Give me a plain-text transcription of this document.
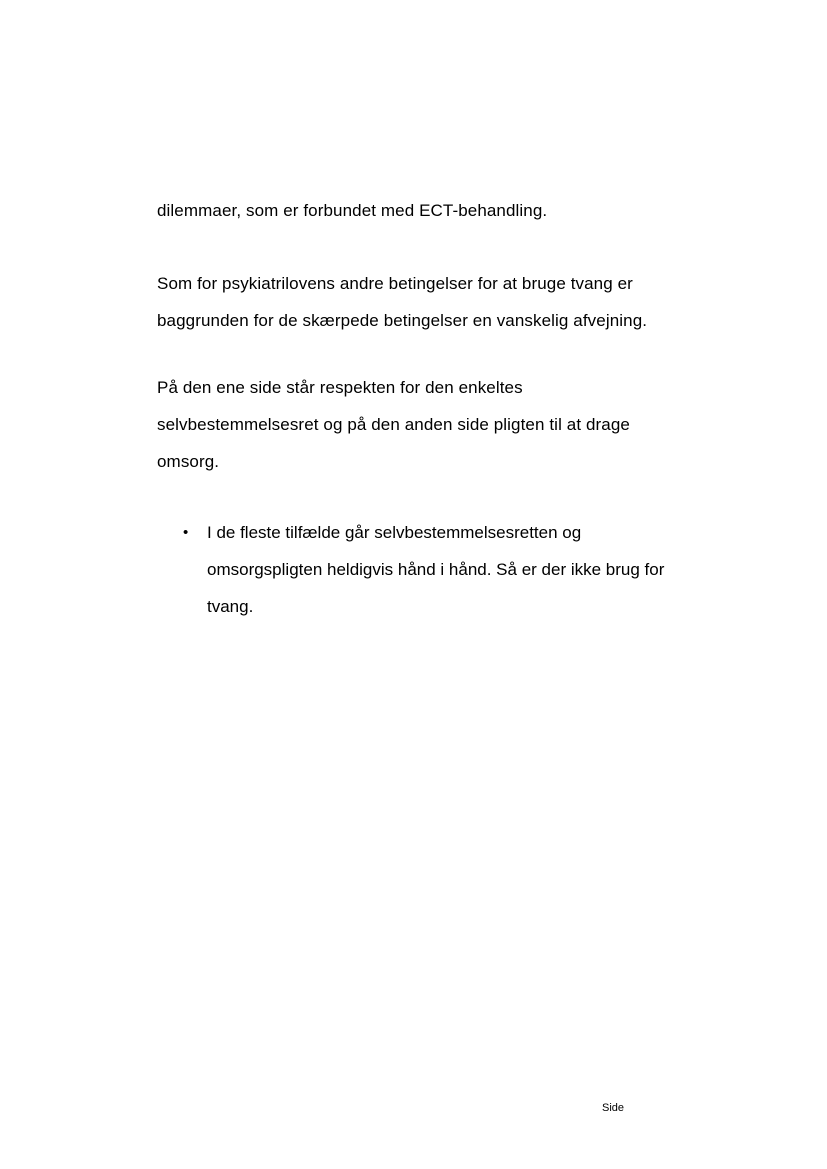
dilemmaer, som er forbundet med ECT-behandling.

Som for psykiatrilovens andre betingelser for at bruge tvang er baggrunden for de skærpede betingelser en vanskelig afvejning.

På den ene side står respekten for den enkeltes selvbestemmelsesret og på den anden side pligten til at drage omsorg.

• I de fleste tilfælde går selvbestemmelsesretten og omsorgspligten heldigvis hånd i hånd. Så er der ikke brug for tvang.
Side
